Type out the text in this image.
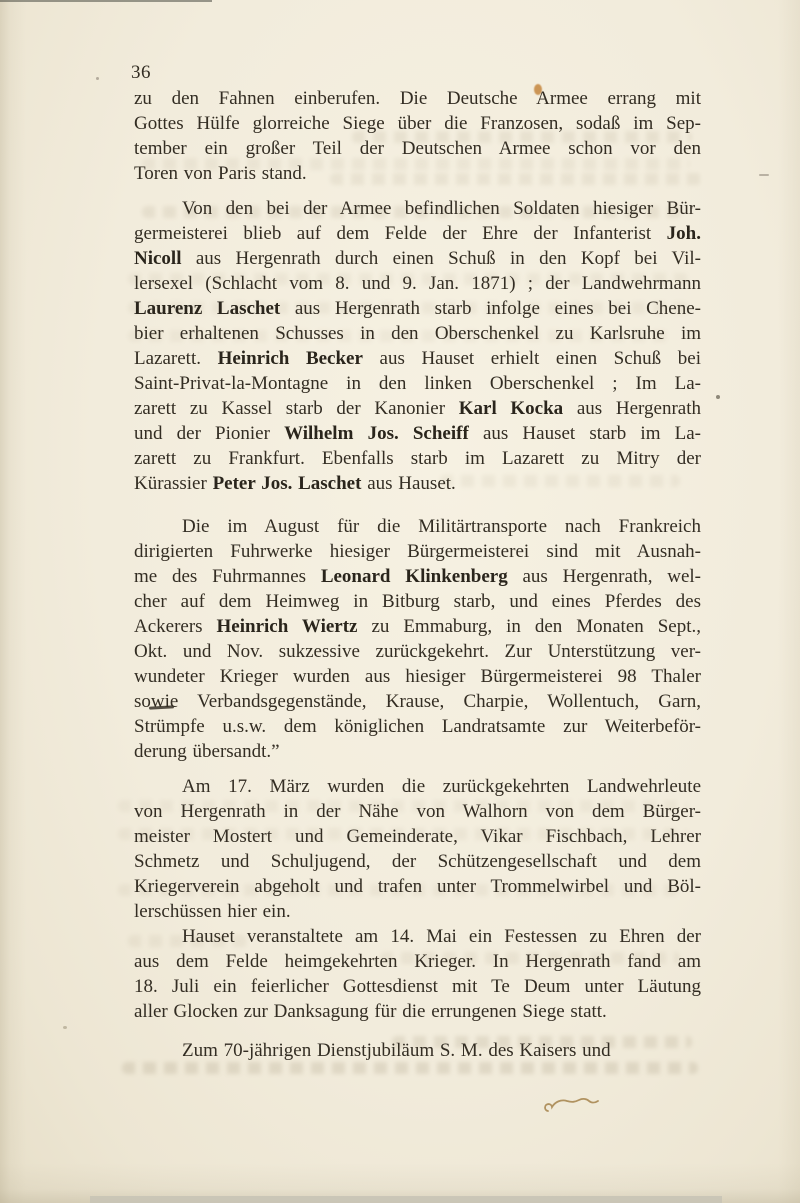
36
zu den Fahnen einberufen. Die Deutsche Armee errang mit
Gottes Hülfe glorreiche Siege über die Franzosen, sodaß im Sep-
tember ein großer Teil der Deutschen Armee schon vor den
Toren von Paris stand.
Von den bei der Armee befindlichen Soldaten hiesiger Bür-
germeisterei blieb auf dem Felde der Ehre der Infanterist Joh.
Nicoll aus Hergenrath durch einen Schuß in den Kopf bei Vil-
lersexel (Schlacht vom 8. und 9. Jan. 1871) ; der Landwehrmann
Laurenz Laschet aus Hergenrath starb infolge eines bei Chene-
bier erhaltenen Schusses in den Oberschenkel zu Karlsruhe im
Lazarett. Heinrich Becker aus Hauset erhielt einen Schuß bei
Saint-Privat-la-Montagne in den linken Oberschenkel ; Im La-
zarett zu Kassel starb der Kanonier Karl Kocka aus Hergenrath
und der Pionier Wilhelm Jos. Scheiff aus Hauset starb im La-
zarett zu Frankfurt. Ebenfalls starb im Lazarett zu Mitry der
Kürassier Peter Jos. Laschet aus Hauset.
Die im August für die Militärtransporte nach Frankreich
dirigierten Fuhrwerke hiesiger Bürgermeisterei sind mit Ausnah-
me des Fuhrmannes Leonard Klinkenberg aus Hergenrath, wel-
cher auf dem Heimweg in Bitburg starb, und eines Pferdes des
Ackerers Heinrich Wiertz zu Emmaburg, in den Monaten Sept.,
Okt. und Nov. sukzessive zurückgekehrt. Zur Unterstützung ver-
wundeter Krieger wurden aus hiesiger Bürgermeisterei 98 Thaler
sowie Verbandsgegenstände, Krause, Charpie, Wollentuch, Garn,
Strümpfe u.s.w. dem königlichen Landratsamte zur Weiterbeför-
derung übersandt.”
Am 17. März wurden die zurückgekehrten Landwehrleute
von Hergenrath in der Nähe von Walhorn von dem Bürger-
meister Mostert und Gemeinderate, Vikar Fischbach, Lehrer
Schmetz und Schuljugend, der Schützengesellschaft und dem
Kriegerverein abgeholt und trafen unter Trommelwirbel und Böl-
lerschüssen hier ein.
Hauset veranstaltete am 14. Mai ein Festessen zu Ehren der
aus dem Felde heimgekehrten Krieger. In Hergenrath fand am
18. Juli ein feierlicher Gottesdienst mit Te Deum unter Läutung
aller Glocken zur Danksagung für die errungenen Siege statt.
Zum 70-jährigen Dienstjubiläum S. M. des Kaisers und
